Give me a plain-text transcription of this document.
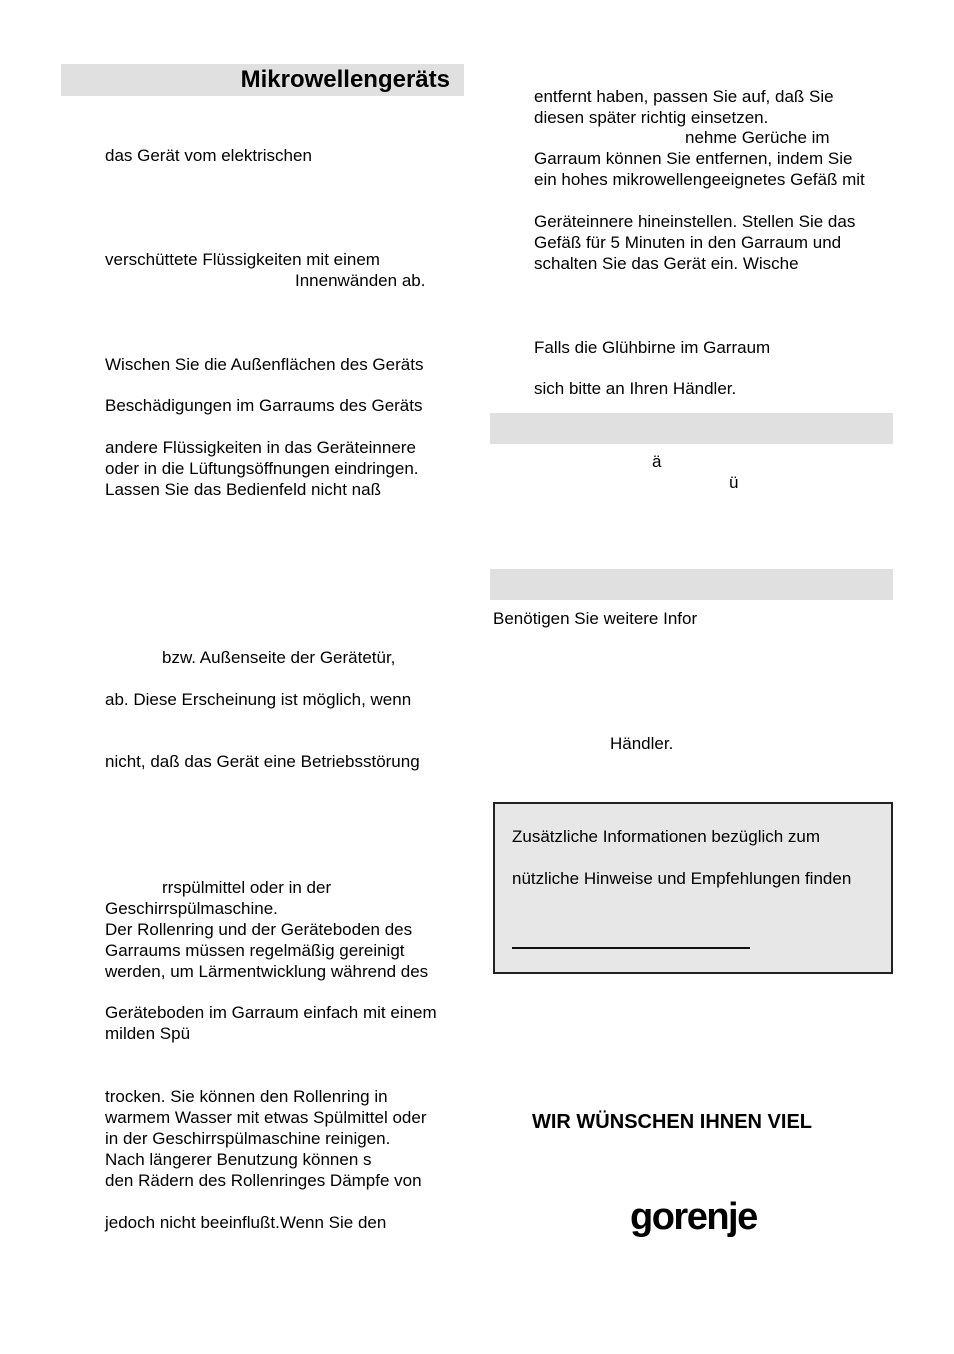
Mikrowellengeräts
das Gerät vom elektrischen
verschüttete Flüssigkeiten mit einem
Innenwänden ab.
Wischen Sie die Außenflächen des Geräts
Beschädigungen im Garraums des Geräts
andere Flüssigkeiten in das Geräteinnere
oder in die Lüftungsöffnungen eindringen.
Lassen Sie das Bedienfeld nicht naß
bzw. Außenseite der Gerätetür,
ab. Diese Erscheinung ist möglich, wenn
nicht, daß das Gerät eine Betriebsstörung
rrspülmittel oder in der
Geschirrspülmaschine.
Der Rollenring und der Geräteboden des
Garraums müssen regelmäßig gereinigt
werden, um Lärmentwicklung während des
Geräteboden im Garraum einfach mit einem
milden Spü
trocken. Sie können den Rollenring in
warmem Wasser mit etwas Spülmittel oder
in der Geschirrspülmaschine reinigen.
Nach längerer Benutzung können s
den Rädern des Rollenringes Dämpfe von
jedoch nicht beeinflußt.Wenn Sie den
entfernt haben, passen Sie auf, daß Sie
diesen später richtig einsetzen.
nehme Gerüche im
Garraum können Sie entfernen, indem Sie
ein hohes mikrowellengeeignetes Gefäß mit
Geräteinnere hineinstellen. Stellen Sie das
Gefäß für 5 Minuten in den Garraum und
schalten Sie das Gerät ein. Wische
Falls die Glühbirne im Garraum
sich bitte an Ihren Händler.
ä
ü
Benötigen Sie weitere Infor
Händler.
Zusätzliche Informationen bezüglich zum
nützliche Hinweise und Empfehlungen finden
WIR WÜNSCHEN IHNEN VIEL
gorenje
